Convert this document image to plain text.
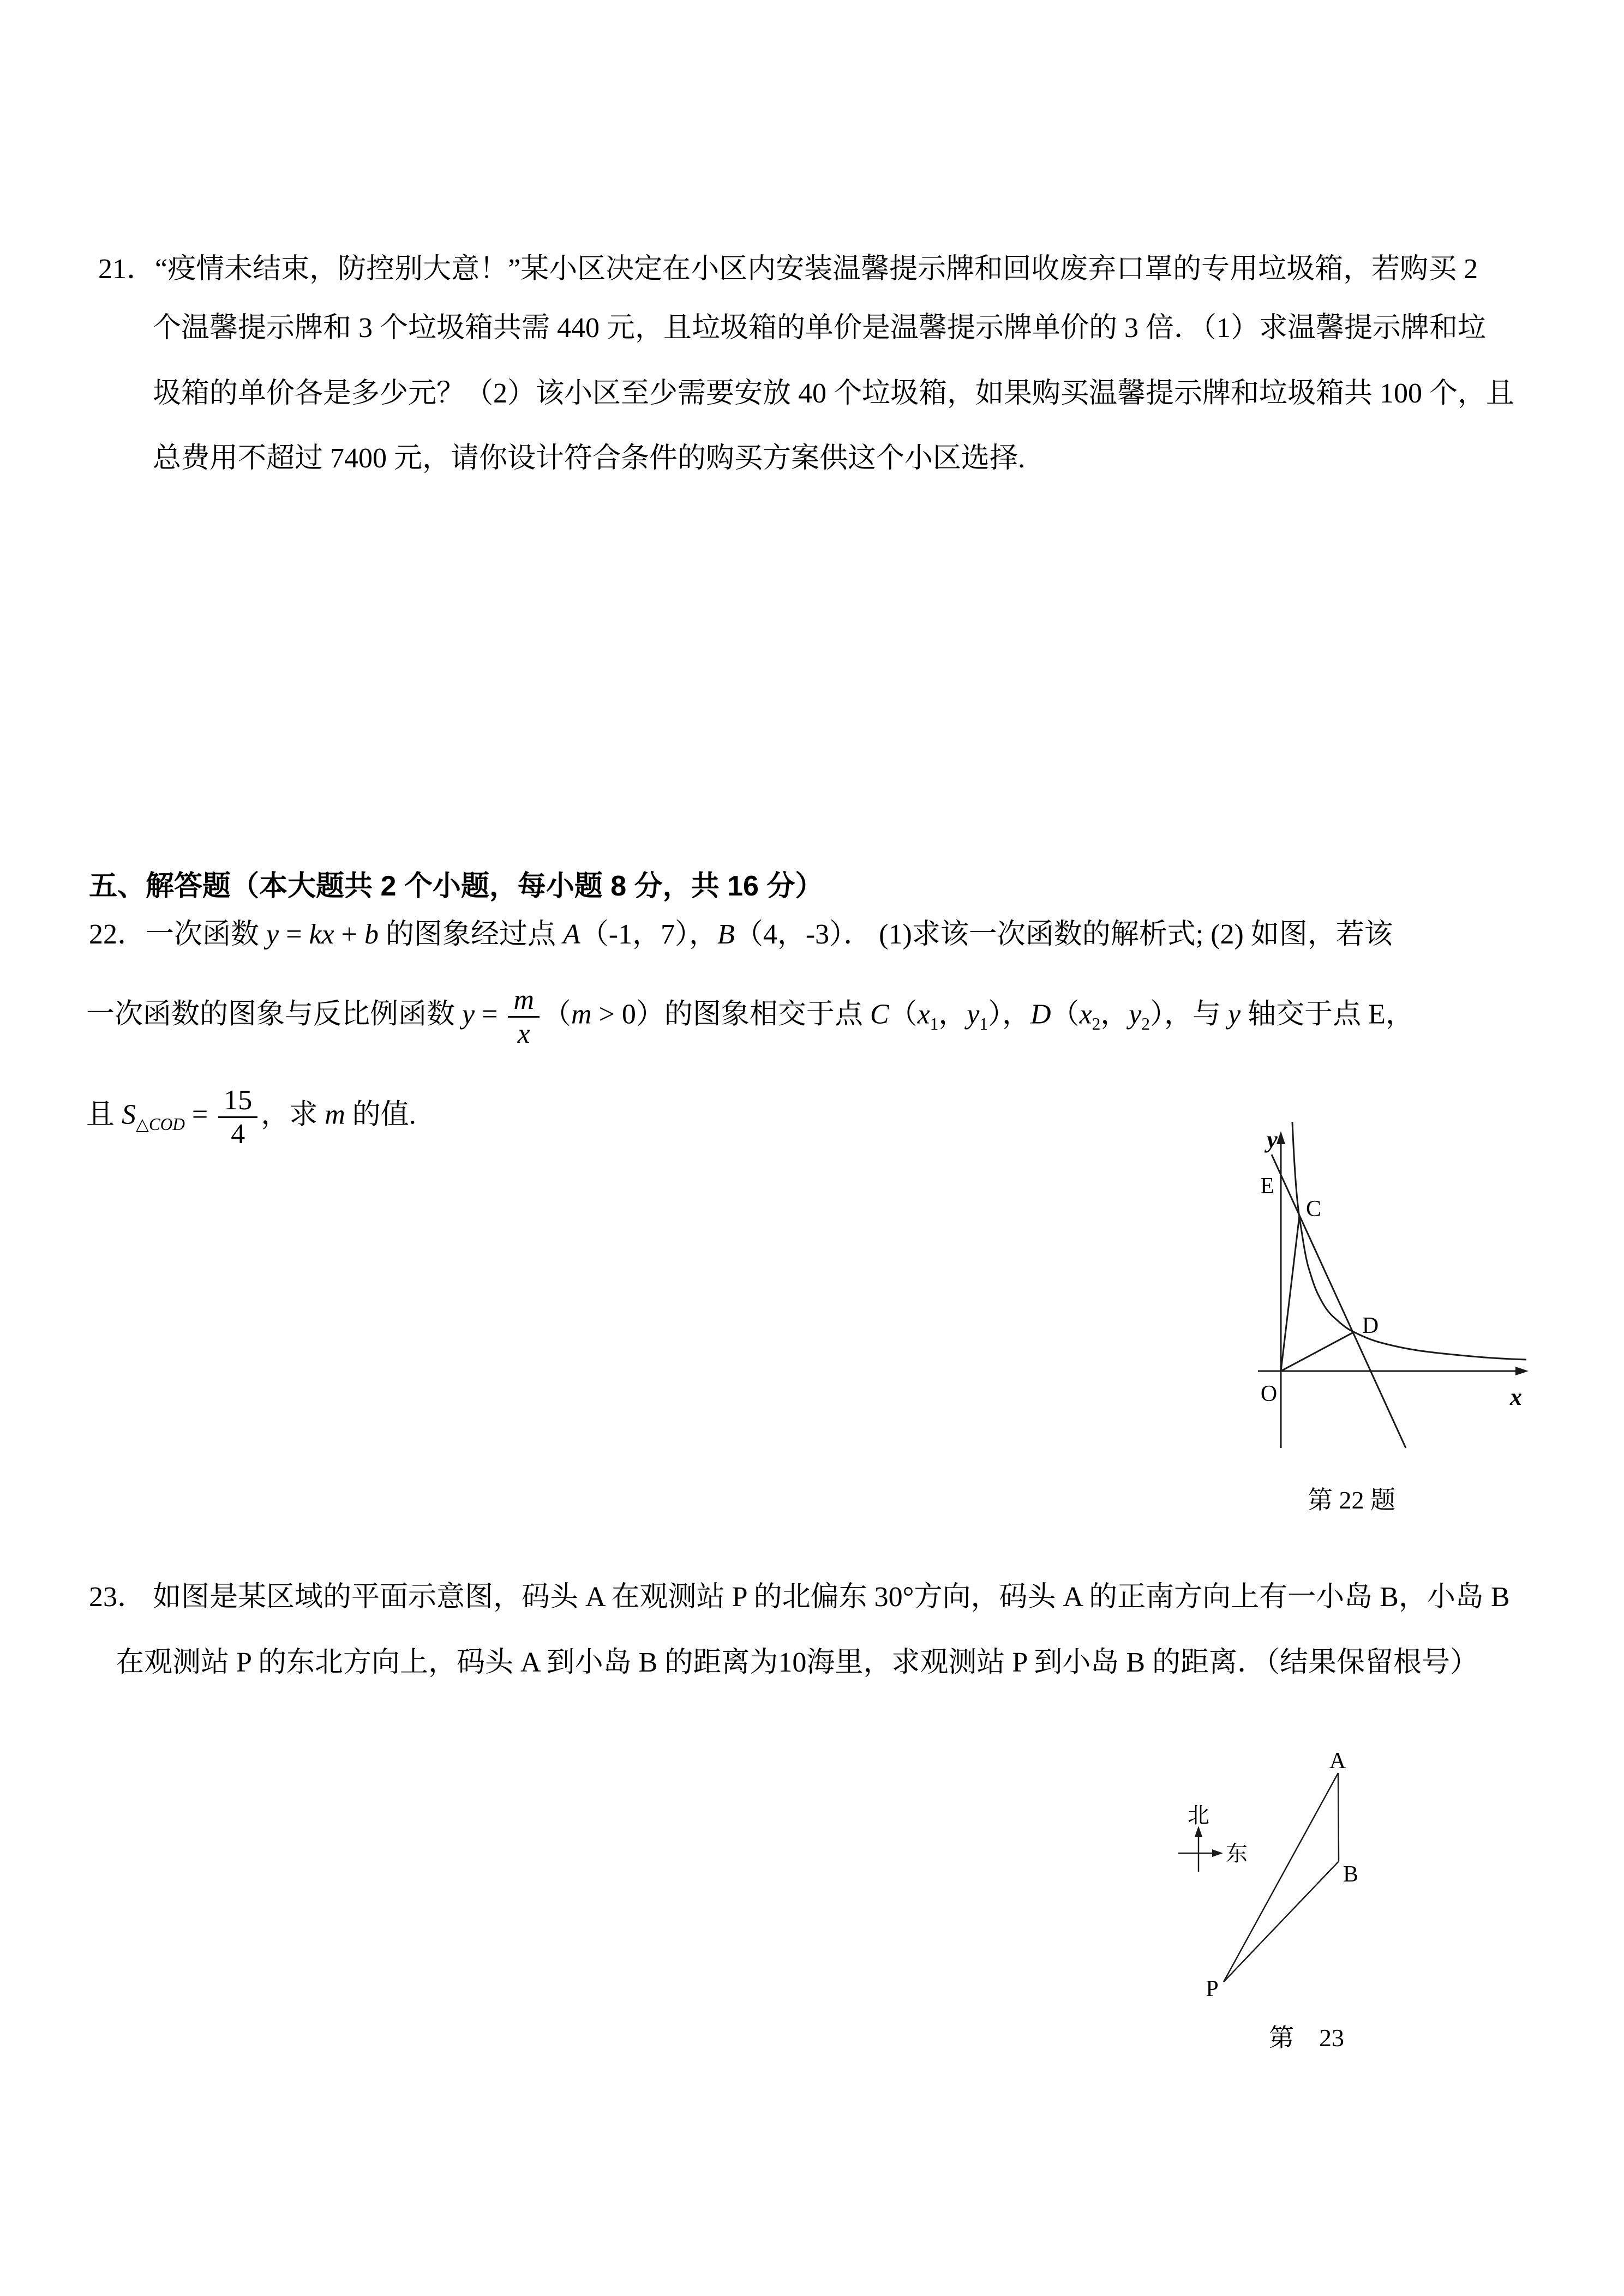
21．“疫情未结束，防控别大意！”某小区决定在小区内安装温馨提示牌和回收废弃口罩的专用垃圾箱，若购买 2
个温馨提示牌和 3 个垃圾箱共需 440 元，且垃圾箱的单价是温馨提示牌单价的 3 倍．（1）求温馨提示牌和垃
圾箱的单价各是多少元？（2）该小区至少需要安放 40 个垃圾箱，如果购买温馨提示牌和垃圾箱共 100 个，且
总费用不超过 7400 元，请你设计符合条件的购买方案供这个小区选择.
五、解答题（本大题共 2 个小题，每小题 8 分，共 16 分）
22．一次函数 y = kx + b 的图象经过点 A（-1，7），B（4，-3）． (1)求该一次函数的解析式; (2) 如图，若该
一次函数的图象与反比例函数 $y = \frac{m}{x} (m > 0)$的图象相交于点 $C(x_1$，$y_1$），$D(x_2$，$y_2$），与 y 轴交于点 E，
且 $S_{\triangle COD} = \frac{15}{4}$ ，求 m 的值.
y
x
E
C
D
O
第 22 题
23． 如图是某区域的平面示意图，码头 A 在观测站 P 的北偏东 30°方向，码头 A 的正南方向上有一小岛 B，小岛 B
在观测站 P 的东北方向上，码头 A 到小岛 B 的距离为10海里，求观测站 P 到小岛 B 的距离．（结果保留根号）
北
东
A
B
P
第　23
